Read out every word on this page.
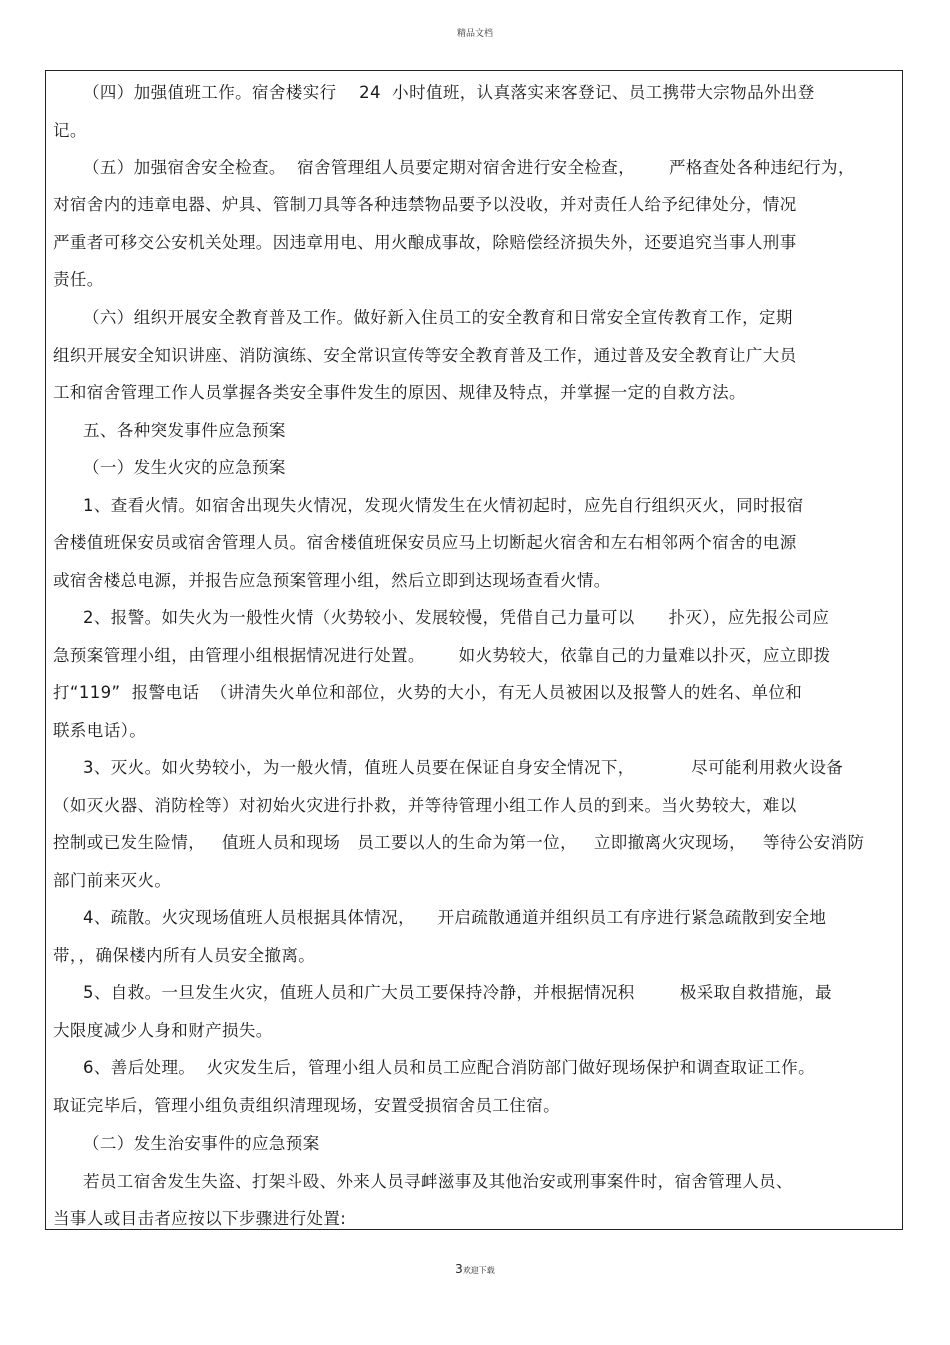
精品文档
（四）加强值班工作。宿舍楼实行    24  小时值班，认真落实来客登记、员工携带大宗物品外出登
记。
（五）加强宿舍安全检查。  宿舍管理组人员要定期对宿舍进行安全检查，      严格查处各种违纪行为，
对宿舍内的违章电器、炉具、管制刀具等各种违禁物品要予以没收，并对责任人给予纪律处分，情况
严重者可移交公安机关处理。因违章用电、用火酿成事故，除赔偿经济损失外，还要追究当事人刑事
责任。
（六）组织开展安全教育普及工作。做好新入住员工的安全教育和日常安全宣传教育工作，定期
组织开展安全知识讲座、消防演练、安全常识宣传等安全教育普及工作，通过普及安全教育让广大员
工和宿舍管理工作人员掌握各类安全事件发生的原因、规律及特点，并掌握一定的自救方法。
五、各种突发事件应急预案
（一）发生火灾的应急预案
1、查看火情。如宿舍出现失火情况，发现火情发生在火情初起时，应先自行组织灭火，同时报宿
舍楼值班保安员或宿舍管理人员。宿舍楼值班保安员应马上切断起火宿舍和左右相邻两个宿舍的电源
或宿舍楼总电源，并报告应急预案管理小组，然后立即到达现场查看火情。
2、报警。如失火为一般性火情（火势较小、发展较慢，凭借自己力量可以      扑灭），应先报公司应
急预案管理小组，由管理小组根据情况进行处置。      如火势较大，依靠自己的力量难以扑灭，应立即拨
打“119”  报警电话  （讲清失火单位和部位，火势的大小，有无人员被困以及报警人的姓名、单位和
联系电话）。
3、灭火。如火势较小，为一般火情，值班人员要在保证自身安全情况下，          尽可能利用救火设备
（如灭火器、消防栓等）对初始火灾进行扑救，并等待管理小组工作人员的到来。当火势较大，难以
控制或已发生险情，   值班人员和现场   员工要以人的生命为第一位，   立即撤离火灾现场，   等待公安消防
部门前来灭火。
4、疏散。火灾现场值班人员根据具体情况，    开启疏散通道并组织员工有序进行紧急疏散到安全地
带，，确保楼内所有人员安全撤离。
5、自救。一旦发生火灾，值班人员和广大员工要保持冷静，并根据情况积        极采取自救措施，最
大限度减少人身和财产损失。
6、善后处理。  火灾发生后，管理小组人员和员工应配合消防部门做好现场保护和调查取证工作。
取证完毕后，管理小组负责组织清理现场，安置受损宿舍员工住宿。
（二）发生治安事件的应急预案
若员工宿舍发生失盗、打架斗殴、外来人员寻衅滋事及其他治安或刑事案件时，宿舍管理人员、
当事人或目击者应按以下步骤进行处置:
3欢迎下载
